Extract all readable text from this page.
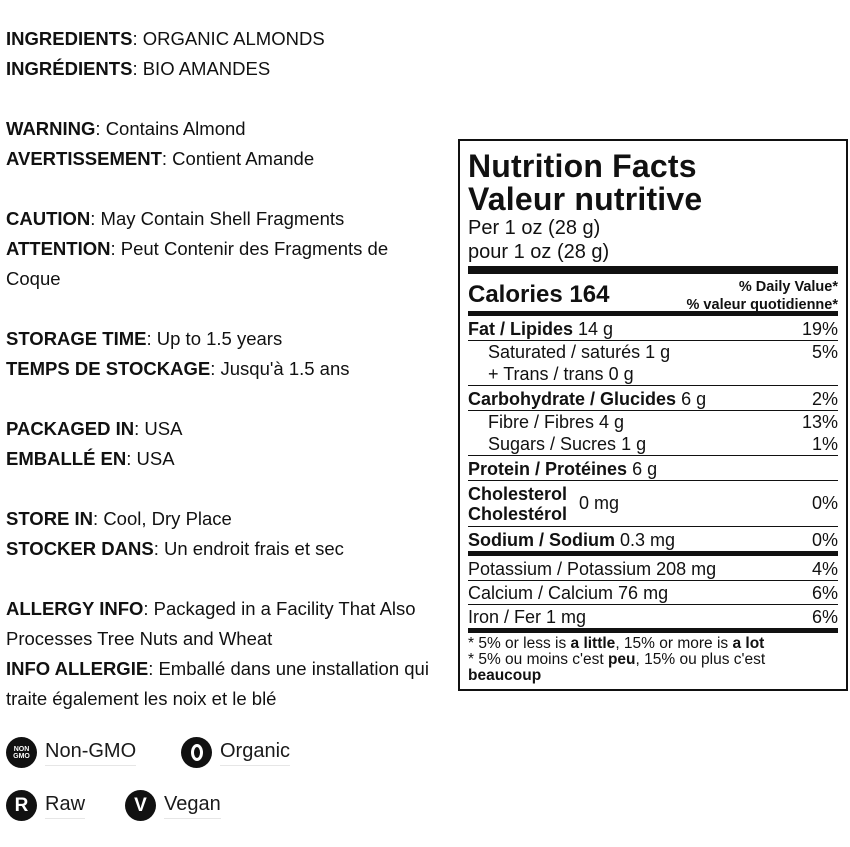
INGREDIENTS: ORGANIC ALMONDS
INGRÉDIENTS: BIO AMANDES
WARNING: Contains Almond
AVERTISSEMENT: Contient Amande
CAUTION: May Contain Shell Fragments
ATTENTION: Peut Contenir des Fragments de Coque
STORAGE TIME: Up to 1.5 years
TEMPS DE STOCKAGE: Jusqu'à 1.5 ans
PACKAGED IN: USA
EMBALLÉ EN: USA
STORE IN: Cool, Dry Place
STOCKER DANS: Un endroit frais et sec
ALLERGY INFO: Packaged in a Facility That Also Processes Tree Nuts and Wheat
INFO ALLERGIE: Emballé dans une installation qui traite également les noix et le blé
NON
GMO Non-GMO	Organic
R Raw	V Vegan
Nutrition Facts
Valeur nutritive
Per 1 oz (28 g)
pour 1 oz (28 g)
Calories 164	% Daily Value*
% valeur quotidienne*
Fat / Lipides 14 g	19%
Saturated / saturés 1 g	5%
+ Trans / trans 0 g
Carbohydrate / Glucides 6 g	2%
Fibre / Fibres 4 g	13%
Sugars / Sucres 1 g	1%
Protein / Protéines 6 g
Cholesterol
Cholestérol
0 mg	0%
Sodium / Sodium 0.3 mg	0%
Potassium / Potassium 208 mg	4%
Calcium / Calcium 76 mg	6%
Iron / Fer 1 mg	6%
* 5% or less is a little, 15% or more is a lot
* 5% ou moins c'est peu, 15% ou plus c'est beaucoup
